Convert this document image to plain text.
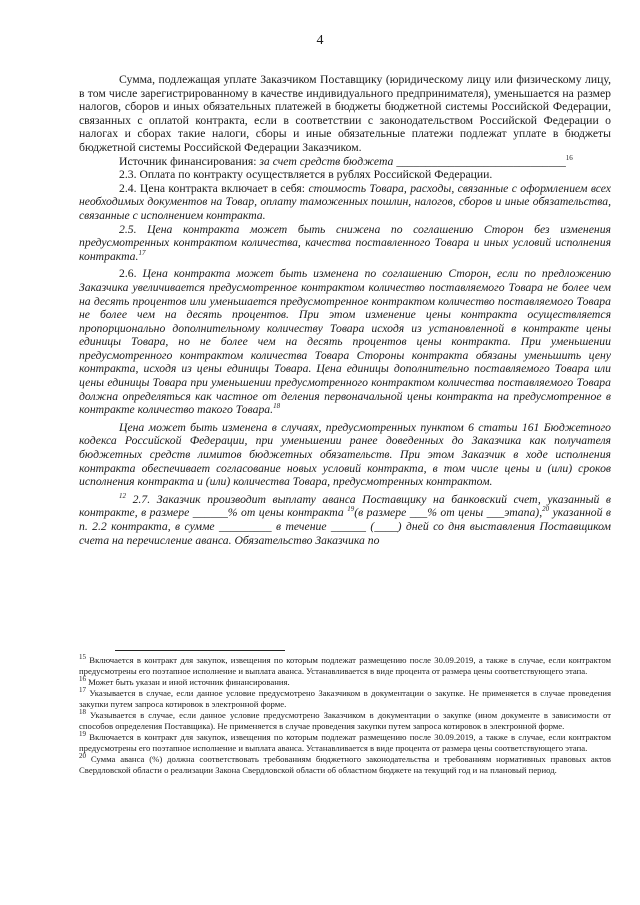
4

Сумма, подлежащая уплате Заказчиком Поставщику (юридическому лицу или физическому лицу, в том числе зарегистрированному в качестве индивидуального предпринимателя), уменьшается на размер налогов, сборов и иных обязательных платежей в бюджеты бюджетной системы Российской Федерации, связанных с оплатой контракта, если в соответствии с законодательством Российской Федерации о налогах и сборах такие налоги, сборы и иные обязательные платежи подлежат уплате в бюджеты бюджетной системы Российской Федерации Заказчиком.

Источник финансирования: за счет средств бюджета _____________________________$^{16}$

2.3. Оплата по контракту осуществляется в рублях Российской Федерации.

2.4. Цена контракта включает в себя: стоимость Товара, расходы, связанные с оформлением всех необходимых документов на Товар, оплату таможенных пошлин, налогов, сборов и иные обязательства, связанные с исполнением контракта.

2.5. Цена контракта может быть снижена по соглашению Сторон без изменения предусмотренных контрактом количества, качества поставленного Товара и иных условий исполнения контракта.$^{17}$

2.6. Цена контракта может быть изменена по соглашению Сторон, если по предложению Заказчика увеличивается предусмотренное контрактом количество поставляемого Товара не более чем на десять процентов или уменьшается предусмотренное контрактом количество поставляемого Товара не более чем на десять процентов. При этом изменение цены контракта осуществляется пропорционально дополнительному количеству Товара исходя из установленной в контракте цены единицы Товара, но не более чем на десять процентов цены контракта. При уменьшении предусмотренного контрактом количества Товара Стороны контракта обязаны уменьшить цену контракта, исходя из цены единицы Товара. Цена единицы дополнительно поставляемого Товара или цены единицы Товара при уменьшении предусмотренного контрактом количества поставляемого Товара должна определяться как частное от деления первоначальной цены контракта на предусмотренное в контракте количество такого Товара.$^{18}$

Цена может быть изменена в случаях, предусмотренных пунктом 6 статьи 161 Бюджетного кодекса Российской Федерации, при уменьшении ранее доведенных до Заказчика как получателя бюджетных средств лимитов бюджетных обязательств. При этом Заказчик в ходе исполнения контракта обеспечивает согласование новых условий контракта, в том числе цены и (или) сроков исполнения контракта и (или) количества Товара, предусмотренных контрактом.

$^{12}$ 2.7. Заказчик производит выплату аванса Поставщику на банковский счет, указанный в контракте, в размере ______% от цены контракта $^{19}$(в размере ___% от цены ___этапа),$^{20}$ указанной в п. 2.2 контракта, в сумме _________ в течение ______ (____) дней со дня выставления Поставщиком счета на перечисление аванса. Обязательство Заказчика по

$^{15}$ Включается в контракт для закупок, извещения по которым подлежат размещению после 30.09.2019, а также в случае, если контрактом предусмотрены его поэтапное исполнение и выплата аванса. Устанавливается в виде процента от размера цены соответствующего этапа.

$^{16}$ Может быть указан и иной источник финансирования.

$^{17}$ Указывается в случае, если данное условие предусмотрено Заказчиком в документации о закупке. Не применяется в случае проведения закупки путем запроса котировок в электронной форме.

$^{18}$ Указывается в случае, если данное условие предусмотрено Заказчиком в документации о закупке (ином документе в зависимости от способов определения Поставщика). Не применяется в случае проведения закупки путем запроса котировок в электронной форме.

$^{19}$ Включается в контракт для закупок, извещения по которым подлежат размещению после 30.09.2019, а также в случае, если контрактом предусмотрены его поэтапное исполнение и выплата аванса. Устанавливается в виде процента от размера цены соответствующего этапа.

$^{20}$ Сумма аванса (%) должна соответствовать требованиям бюджетного законодательства и требованиям нормативных правовых актов Свердловской области о реализации Закона Свердловской области об областном бюджете на текущий год и на плановый период.
